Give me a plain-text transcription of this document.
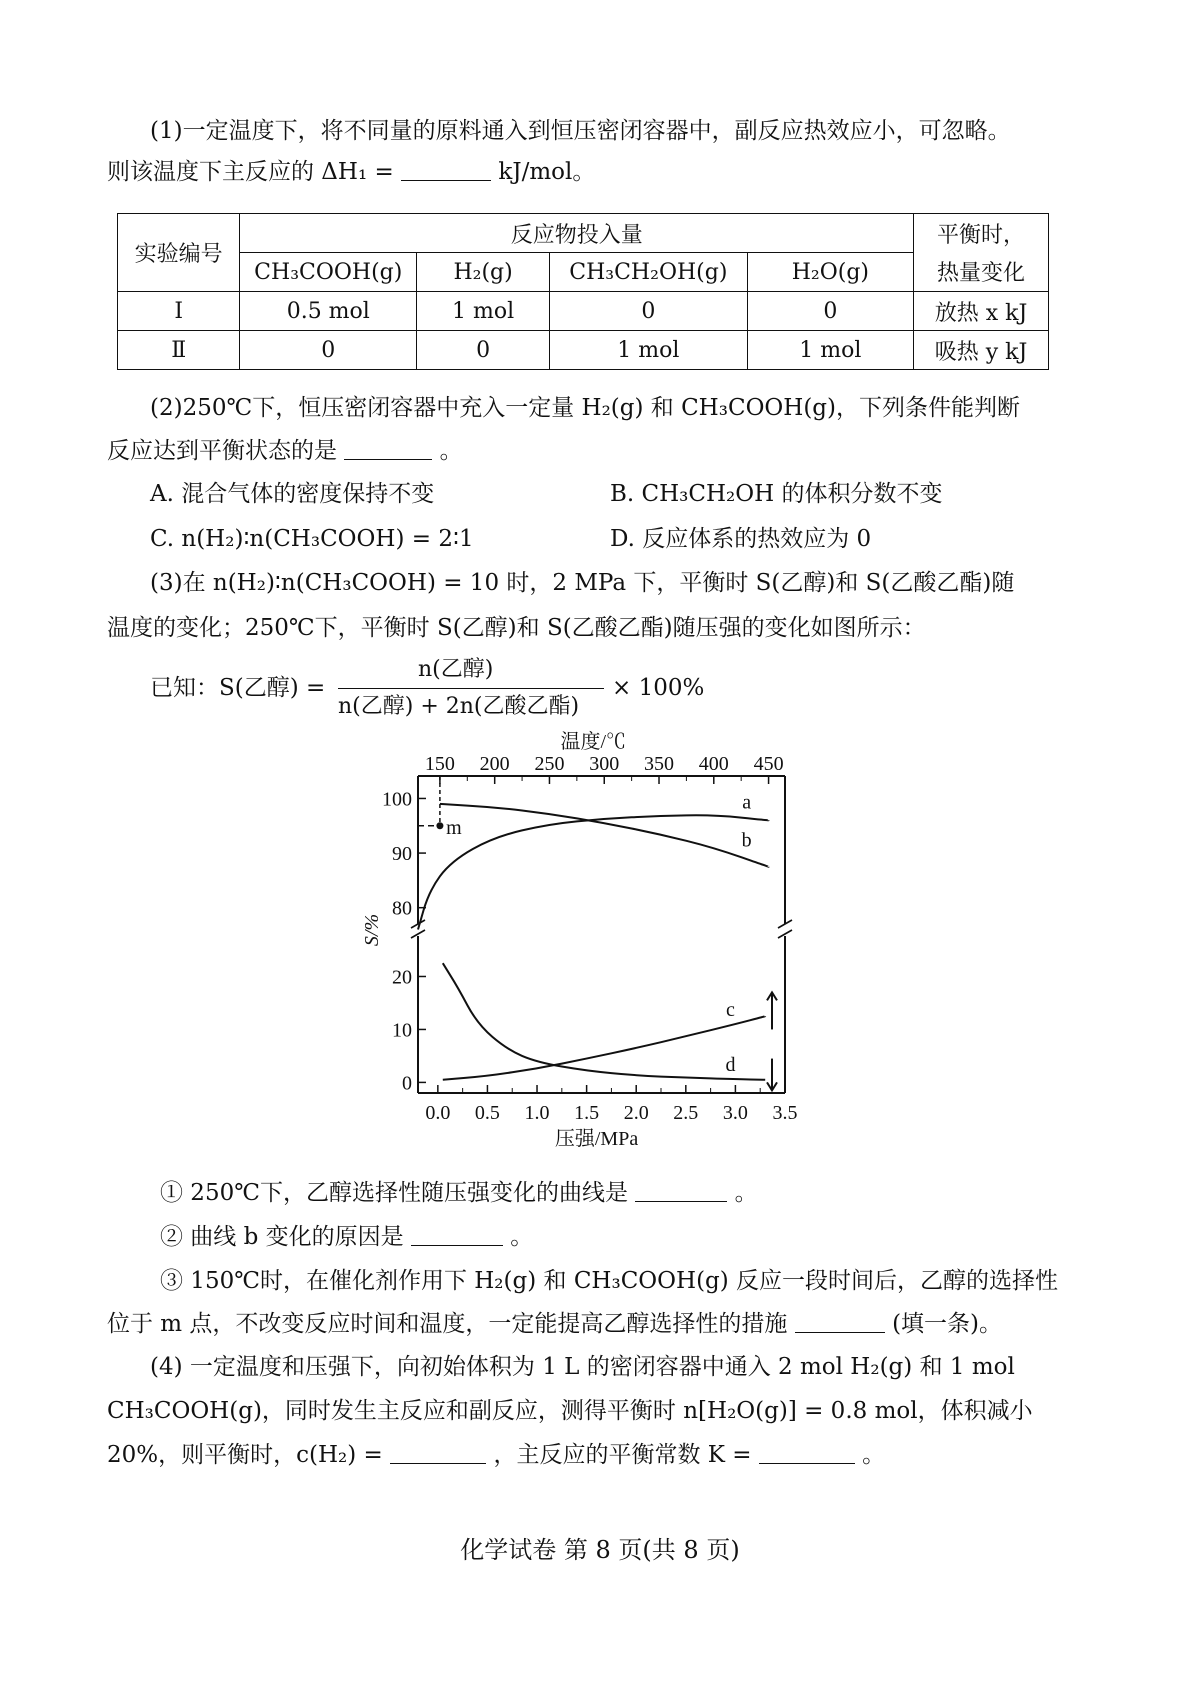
(1)一定温度下，将不同量的原料通入到恒压密闭容器中，副反应热效应小，可忽略。
则该温度下主反应的 ΔH₁ =	kJ/mol。
实验编号	反应物投入量				平衡时，
	CH₃COOH(g)	H₂(g)	CH₃CH₂OH(g)	H₂O(g)	热量变化
Ⅰ	0.5 mol	1 mol	0	0	放热 x kJ
Ⅱ	0	0	1 mol	1 mol	吸热 y kJ
(2)250℃下，恒压密闭容器中充入一定量 H₂(g) 和 CH₃COOH(g)，下列条件能判断
反应达到平衡状态的是	。
A. 混合气体的密度保持不变	B. CH₃CH₂OH 的体积分数不变
C. n(H₂)∶n(CH₃COOH) = 2∶1	D. 反应体系的热效应为 0
(3)在 n(H₂)∶n(CH₃COOH) = 10 时，2 MPa 下，平衡时 S(乙醇)和 S(乙酸乙酯)随
温度的变化；250℃下，平衡时 S(乙醇)和 S(乙酸乙酯)随压强的变化如图所示：
已知：S(乙醇) =
n(乙醇)
n(乙醇) + 2n(乙酸乙酯)
× 100%
150 200 250 300 350 400 450
温度/℃
0.0 0.5 1.0 1.5 2.0 2.5 3.0 3.5
压强/MPa
80
90
100
0
10
20
S/%
a
b
c
d
m
① 250℃下，乙醇选择性随压强变化的曲线是	。
② 曲线 b 变化的原因是	。
③ 150℃时，在催化剂作用下 H₂(g) 和 CH₃COOH(g) 反应一段时间后，乙醇的选择性
位于 m 点，不改变反应时间和温度，一定能提高乙醇选择性的措施	(填一条)。
(4) 一定温度和压强下，向初始体积为 1 L 的密闭容器中通入 2 mol H₂(g) 和 1 mol
CH₃COOH(g)，同时发生主反应和副反应，测得平衡时 n[H₂O(g)] = 0.8 mol，体积减小
20%，则平衡时，c(H₂) =	，主反应的平衡常数 K =	。
化学试卷 第 8 页(共 8 页)
